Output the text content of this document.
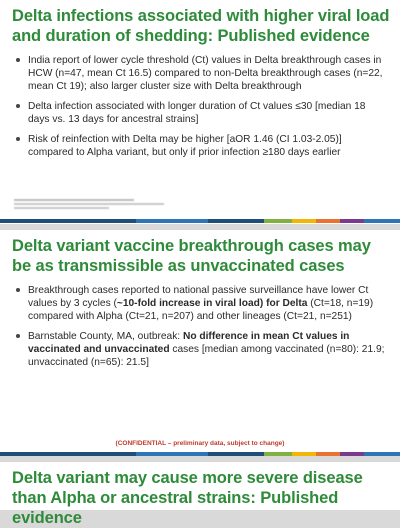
Delta infections associated with higher viral load and duration of shedding: Published evidence
India report of lower cycle threshold (Ct) values in Delta breakthrough cases in HCW (n=47, mean Ct 16.5) compared to non-Delta breakthrough cases (n=22, mean Ct 19); also larger cluster size with Delta breakthrough
Delta infection associated with longer duration of Ct values ≤30 [median 18 days vs. 13 days for ancestral strains]
Risk of reinfection with Delta may be higher [aOR 1.46 (CI 1.03-2.05)] compared to Alpha variant, but only if prior infection ≥180 days earlier
Delta variant vaccine breakthrough cases may be as transmissible as unvaccinated cases
Breakthrough cases reported to national passive surveillance have lower Ct values by 3 cycles (~10-fold increase in viral load) for Delta (Ct=18, n=19) compared with Alpha (Ct=21, n=207) and other lineages (Ct=21, n=251)
Barnstable County, MA, outbreak: No difference in mean Ct values in vaccinated and unvaccinated cases [median among vaccinated (n=80): 21.9; unvaccinated (n=65): 21.5]
(CONFIDENTIAL – preliminary data, subject to change)
Delta variant may cause more severe disease than Alpha or ancestral strains: Published evidence
